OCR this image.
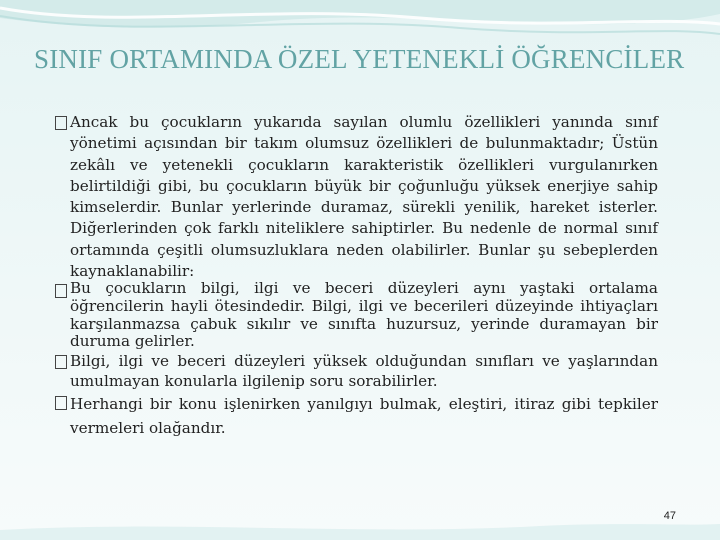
SINIF ORTAMINDA ÖZEL YETENEKLİ ÖĞRENCİLER
Ancak bu çocukların yukarıda sayılan olumlu özellikleri yanında sınıf yönetimi açısından bir takım olumsuz özellikleri de bulunmaktadır; Üstün zekâlı ve yetenekli çocukların karakteristik özellikleri vurgulanırken belirtildiği gibi, bu çocukların büyük bir çoğunluğu yüksek enerjiye sahip kimselerdir. Bunlar yerlerinde duramaz, sürekli yenilik, hareket isterler. Diğerlerinden çok farklı niteliklere sahiptirler. Bu nedenle de normal sınıf ortamında çeşitli olumsuzluklara neden olabilirler. Bunlar şu sebeplerden kaynaklanabilir:
Bu çocukların bilgi, ilgi ve beceri düzeyleri aynı yaştaki ortalama öğrencilerin hayli ötesindedir. Bilgi, ilgi ve becerileri düzeyinde ihtiyaçları karşılanmazsa çabuk sıkılır ve sınıfta huzursuz, yerinde duramayan bir duruma gelirler.
Bilgi, ilgi ve beceri düzeyleri yüksek olduğundan sınıfları ve yaşlarından umulmayan konularla ilgilenip soru sorabilirler.
Herhangi bir konu işlenirken yanılgıyı bulmak, eleştiri, itiraz gibi tepkiler vermeleri olağandır.
47
